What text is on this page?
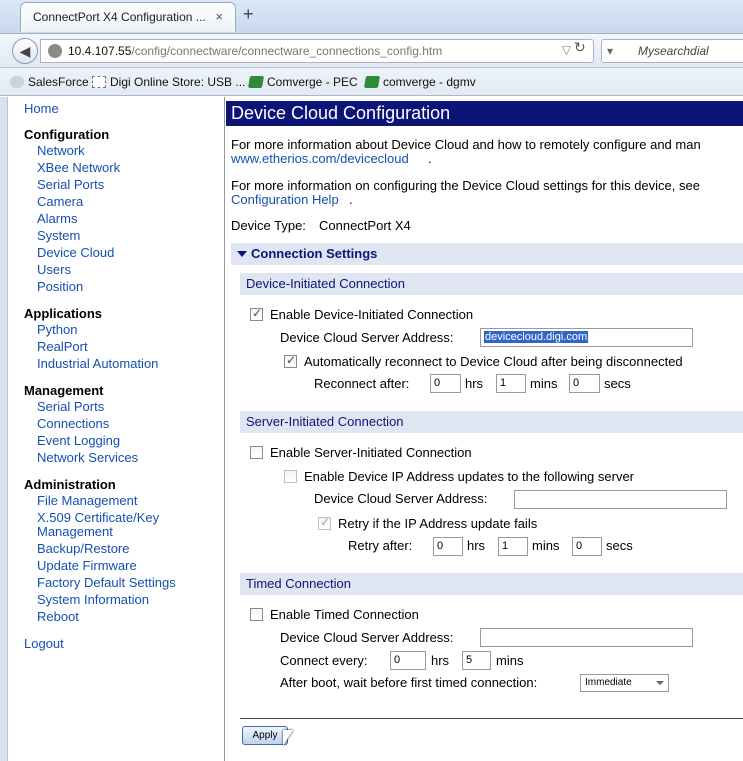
ConnectPort X4 Configuration ... × +
◀	10.4.107.55/config/connectware/connectware_connections_config.htm	▽ ↻ ▾ Mysearchdial
SalesForce	Digi Online Store: USB ...	Comverge - PEC	comverge - dgmv
Home
Configuration
Network
XBee Network
Serial Ports
Camera
Alarms
System
Device Cloud
Users
Position
Applications
Python
RealPort
Industrial Automation
Management
Serial Ports
Connections
Event Logging
Network Services
Administration
File Management
X.509 Certificate/Key
Management
Backup/Restore
Update Firmware
Factory Default Settings
System Information
Reboot
Logout
Device Cloud Configuration
For more information about Device Cloud and how to remotely configure and man
www.etherios.com/devicecloud .
For more information on configuring the Device Cloud settings for this device, see
Configuration Help .
Device Type: ConnectPort X4
Connection Settings
Device-Initiated Connection
✓
Enable Device-Initiated Connection
Device Cloud Server Address:	devicecloud.digi.com
✓
Automatically reconnect to Device Cloud after being disconnected
Reconnect after:	0	hrs	1	mins	0	secs
Server-Initiated Connection
Enable Server-Initiated Connection
Enable Device IP Address updates to the following server
Device Cloud Server Address:
✓
Retry if the IP Address update fails
Retry after:	0	hrs	1	mins	0	secs
Timed Connection
Enable Timed Connection
Device Cloud Server Address:
Connect every:	0	hrs	5	mins
After boot, wait before first timed connection:	Immediate
Apply
